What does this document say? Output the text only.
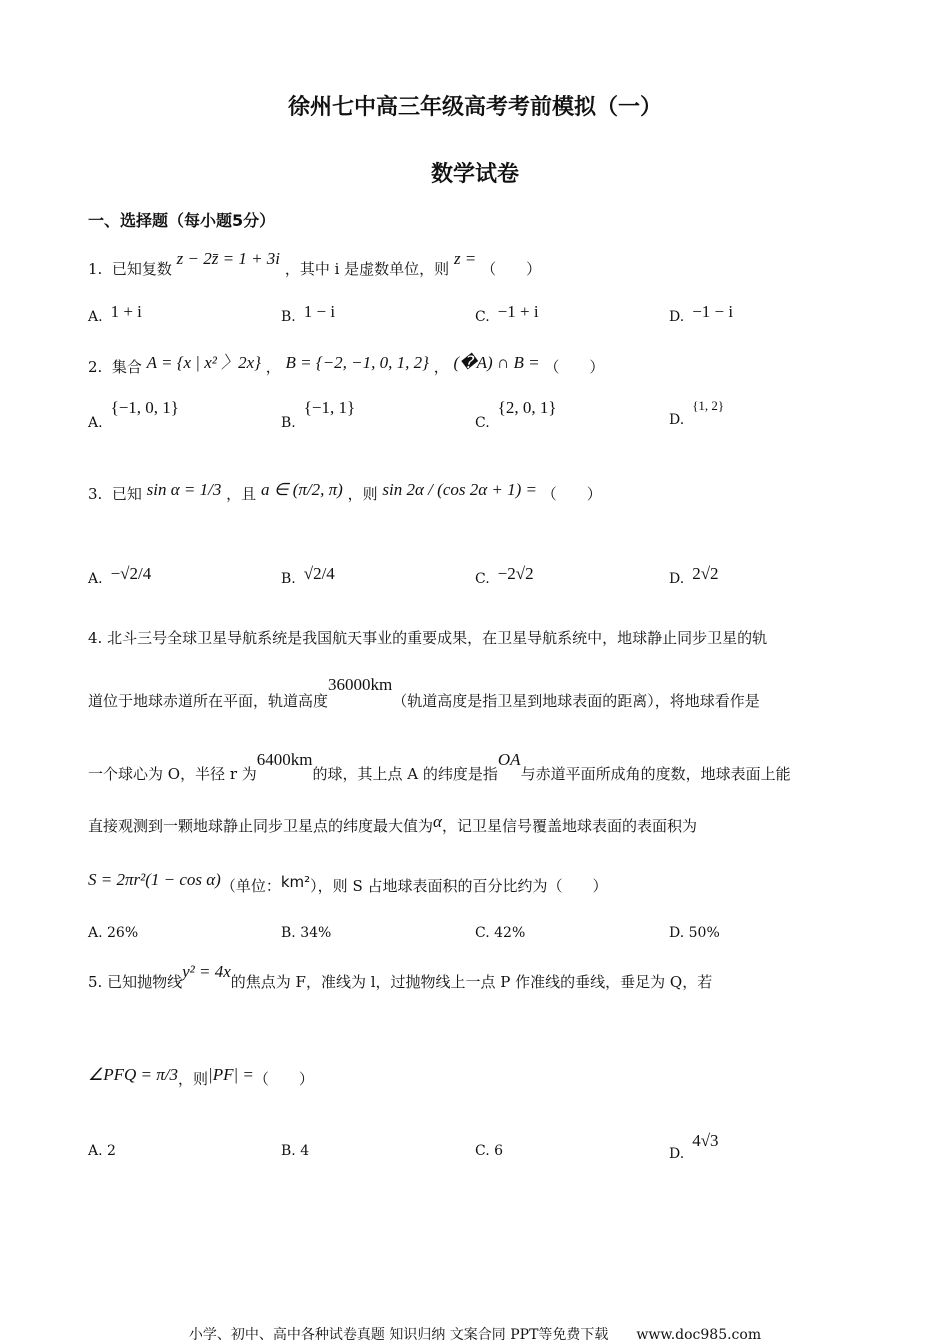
徐州七中高三年级高考考前模拟（一）
数学试卷
一、选择题（每小题5分）
1. 已知复数 z − 2z̄ = 1 + 3i ，其中 i 是虚数单位，则 z = （　　）
A. 1 + i	B. 1 − i	C. −1 + i	D. −1 − i
2. 集合 A = {x | x² 〉2x} ， B = {−2, −1, 0, 1, 2} ， (�A) ∩ B = （　　）
A.{−1, 0, 1}
B.{−1, 1}
C.{2, 0, 1}
D.{1, 2}
3. 已知 sin α = 1/3 ，且 a ∈ (π/2, π) ，则 sin 2α / (cos 2α + 1) = （　　）
A. −√2/4	B. √2/4	C. −2√2	D. 2√2
4. 北斗三号全球卫星导航系统是我国航天事业的重要成果，在卫星导航系统中，地球静止同步卫星的轨
道位于地球赤道所在平面，轨道高度36000km（轨道高度是指卫星到地球表面的距离），将地球看作是
一个球心为 O，半径 r 为6400km的球，其上点 A 的纬度是指OA与赤道平面所成角的度数，地球表面上能
直接观测到一颗地球静止同步卫星点的纬度最大值为α，记卫星信号覆盖地球表面的表面积为
S = 2πr²(1 − cos α)（单位：km²），则 S 占地球表面积的百分比约为（　　）
A. 26%	B. 34%	C. 42%	D. 50%
5. 已知抛物线y² = 4x的焦点为 F，准线为 l，过抛物线上一点 P 作准线的垂线，垂足为 Q，若
∠PFQ = π/3，则|PF| =（　　）
A. 2	B. 4	C. 6	D.4√3
小学、初中、高中各种试卷真题 知识归纳 文案合同 PPT等免费下载　　www.doc985.com
